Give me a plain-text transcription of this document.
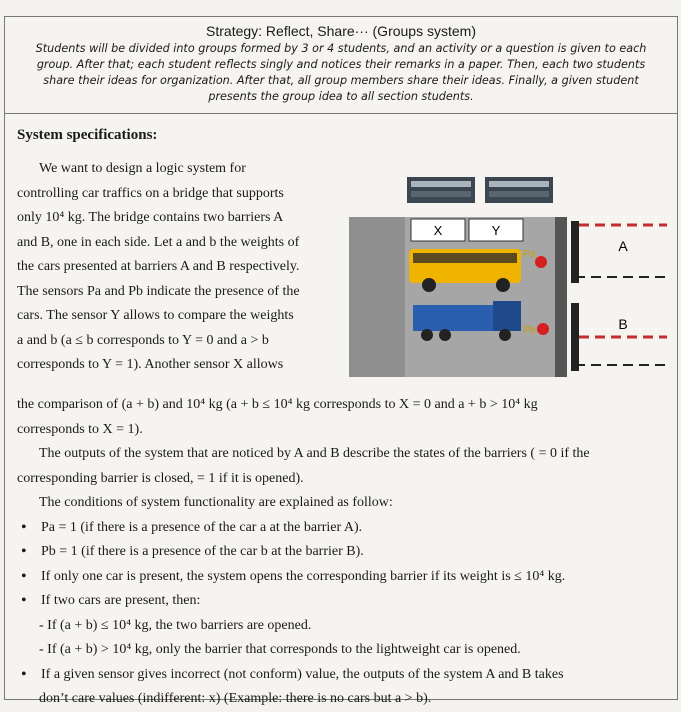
Strategy: Reflect, Share··· (Groups system)
Students will be divided into groups formed by 3 or 4 students, and an activity or a question is given to each group. After that; each student reflects singly and notices their remarks in a paper. Then, each two students share their ideas for organization. After that, all group members share their ideas. Finally, a given student presents the group idea to all section students.
System specifications:

We want to design a logic system for

controlling car traffics on a bridge that supports

only 10⁴ kg. The bridge contains two barriers A

and B, one in each side. Let a and b the weights of

the cars presented at barriers A and B respectively.

The sensors Pa and Pb indicate the presence of the

cars. The sensor Y allows to compare the weights

a and b (a ≤ b corresponds to Y = 0 and a > b

corresponds to Y = 1). Another sensor X allows

X	Y
Pa
Pb
A
B

the comparison of (a + b) and 10⁴ kg (a + b ≤ 10⁴ kg corresponds to X = 0 and a + b > 10⁴ kg

corresponds to X = 1).

The outputs of the system that are noticed by A and B describe the states of the barriers ( = 0 if the

corresponding barrier is closed, = 1 if it is opened).

The conditions of system functionality are explained as follow:

• Pa = 1 (if there is a presence of the car a at the barrier A).
• Pb = 1 (if there is a presence of the car b at the barrier B).
• If only one car is present, the system opens the corresponding barrier if its weight is ≤ 10⁴ kg.
• If two cars are present, then:

- If (a + b) ≤ 10⁴ kg, the two barriers are opened.

- If (a + b) > 10⁴ kg, only the barrier that corresponds to the lightweight car is opened.

• If a given sensor gives incorrect (not conform) value, the outputs of the system A and B takes

don’t care values (indifferent: x) (Example: there is no cars but a > b).
